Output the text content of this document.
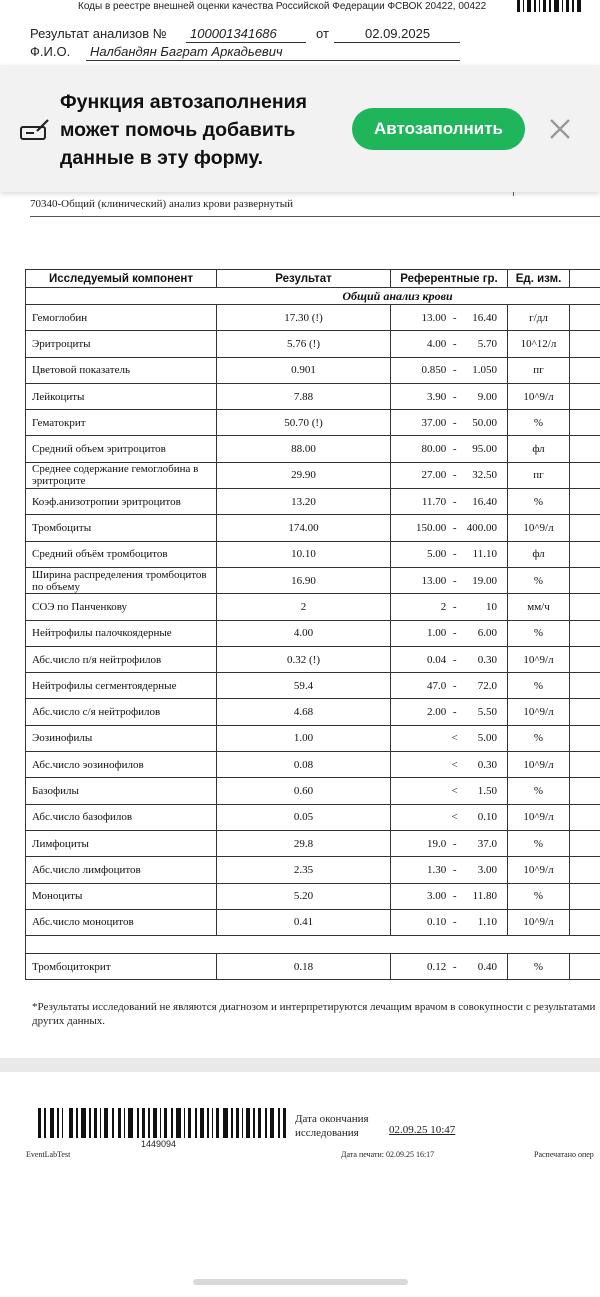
Коды в реестре внешней оценки качества Российской Федерации ФСВОК 20422, 00422
Результат анализов № 100001341686	от	02.09.2025
Ф.И.О. Налбандян Баграт Аркадьевич
Функция автозаполнения может помочь добавить данные в эту форму.
Автозаполнить
70340-Общий (клинический) анализ крови развернутый
Исследуемый компонент	Результат	Референтные гр.	Ед. изм.	
Общий анализ крови				

Гемоглобин	17.30 (!)	13.00 - 16.40	г/дл	

Эритроциты	5.76 (!)	4.00 - 5.70	10^12/л	

Цветовой показатель	0.901	0.850 - 1.050	пг	

Лейкоциты	7.88	3.90 - 9.00	10^9/л	

Гематокрит	50.70 (!)	37.00 - 50.00	%	

Средний объем эритроцитов	88.00	80.00 - 95.00	фл	

Среднее содержание гемоглобина в эритроците	29.90	27.00 - 32.50	пг	

Коэф.анизотропии эритроцитов	13.20	11.70 - 16.40	%	

Тромбоциты	174.00	150.00 - 400.00	10^9/л	

Средний объём тромбоцитов	10.10	5.00 - 11.10	фл	

Ширина распределения тромбоцитов по объему	16.90	13.00 - 19.00	%	

СОЭ по Панченкову	2	2 - 10	мм/ч	

Нейтрофилы палочкоядерные	4.00	1.00 - 6.00	%	

Абс.число п/я нейтрофилов	0.32 (!)	0.04 - 0.30	10^9/л	

Нейтрофилы сегментоядерные	59.4	47.0 - 72.0	%	

Абс.число с/я нейтрофилов	4.68	2.00 - 5.50	10^9/л	

Эозинофилы	1.00	< 5.00	%	

Абс.число эозинофилов	0.08	< 0.30	10^9/л	

Базофилы	0.60	< 1.50	%	

Абс.число базофилов	0.05	< 0.10	10^9/л	

Лимфоциты	29.8	19.0 - 37.0	%	

Абс.число лимфоцитов	2.35	1.30 - 3.00	10^9/л	

Моноциты	5.20	3.00 - 11.80	%	

Абс.число моноцитов	0.41	0.10 - 1.10	10^9/л	

Тромбоцитокрит	0.18	0.12 - 0.40	%	
*Результаты исследований не являются диагнозом и интерпретируются лечащим врачом в совокупности с результатами других данных.
1449094
Дата окончания исследования	02.09.25 10:47
EventLabTest	Дата печати: 02.09.25 16:17	Распечатано опер
